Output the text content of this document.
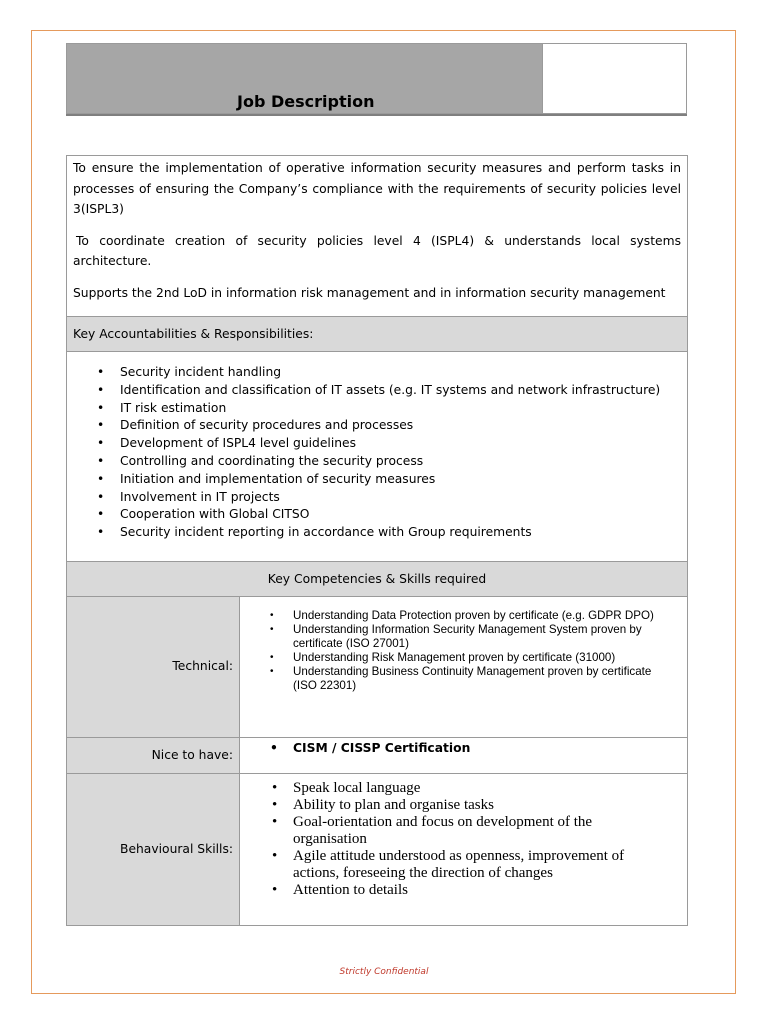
Job Description

To ensure the implementation of operative information security measures and perform tasks in processes of ensuring the Company’s compliance with the requirements of security policies level 3(ISPL3)

To coordinate creation of security policies level 4 (ISPL4) & understands local systems architecture.

Supports the 2nd LoD in information risk management and in information security management

Key Accountabilities & Responsibilities:
• Security incident handling
• Identification and classification of IT assets (e.g. IT systems and network infrastructure)
• IT risk estimation
• Definition of security procedures and processes
• Development of ISPL4 level guidelines
• Controlling and coordinating the security process
• Initiation and implementation of security measures
• Involvement in IT projects
• Cooperation with Global CITSO
• Security incident reporting in accordance with Group requirements
Key Competencies & Skills required
Technical:
• Understanding Data Protection proven by certificate (e.g. GDPR DPO)
• Understanding Information Security Management System proven by certificate (ISO 27001)
• Understanding Risk Management proven by certificate (31000)
• Understanding Business Continuity Management proven by certificate (ISO 22301)
Nice to have:
•	CISM / CISSP Certification
Behavioural Skills:
• Speak local language
• Ability to plan and organise tasks
• Goal-orientation and focus on development of the organisation
• Agile attitude understood as openness, improvement of actions, foreseeing the direction of changes
• Attention to details
Strictly Confidential
